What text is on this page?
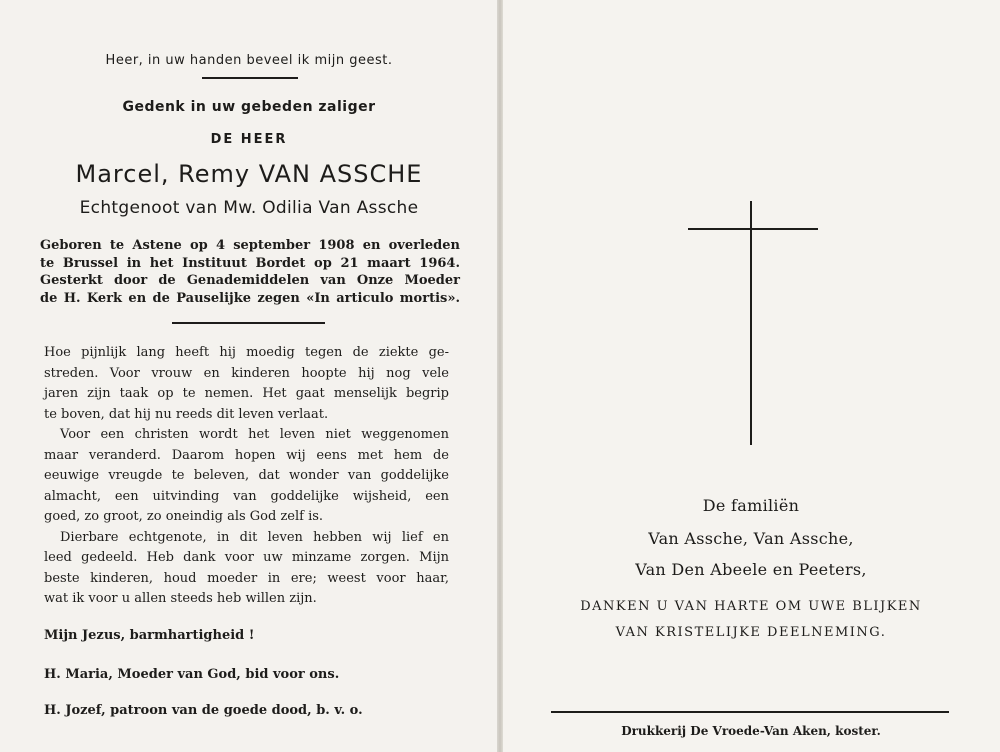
Heer, in uw handen beveel ik mijn geest.
Gedenk in uw gebeden zaliger
DE HEER
Marcel, Remy VAN ASSCHE
Echtgenoot van Mw. Odilia Van Assche
Geboren te Astene op 4 september 1908 en overleden
te Brussel in het Instituut Bordet op 21 maart 1964.
Gesterkt door de Genademiddelen van Onze Moeder
de H. Kerk en de Pauselijke zegen «In articulo mortis».
Hoe pijnlijk lang heeft hij moedig tegen de ziekte ge-
streden. Voor vrouw en kinderen hoopte hij nog vele
jaren zijn taak op te nemen. Het gaat menselijk begrip
te boven, dat hij nu reeds dit leven verlaat.
Voor een christen wordt het leven niet weggenomen
maar veranderd. Daarom hopen wij eens met hem de
eeuwige vreugde te beleven, dat wonder van goddelijke
almacht, een uitvinding van goddelijke wijsheid, een
goed, zo groot, zo oneindig als God zelf is.
Dierbare echtgenote, in dit leven hebben wij lief en
leed gedeeld. Heb dank voor uw minzame zorgen. Mijn
beste kinderen, houd moeder in ere; weest voor haar,
wat ik voor u allen steeds heb willen zijn.
Mijn Jezus, barmhartigheid !
H. Maria, Moeder van God, bid voor ons.
H. Jozef, patroon van de goede dood, b. v. o.
De familiën
Van Assche, Van Assche,
Van Den Abeele en Peeters,
DANKEN U VAN HARTE OM UWE BLIJKEN
VAN KRISTELIJKE DEELNEMING.
Drukkerij De Vroede-Van Aken, koster.
